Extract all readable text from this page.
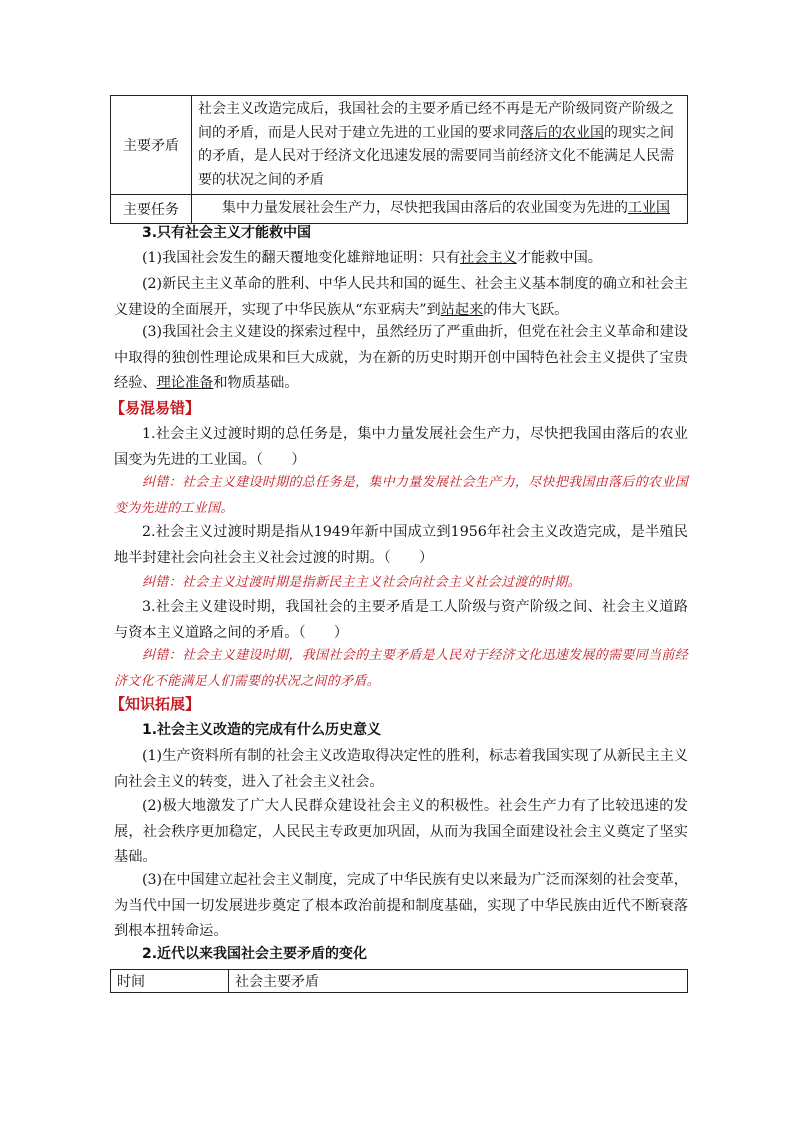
主要矛盾	社会主义改造完成后，我国社会的主要矛盾已经不再是无产阶级同资产阶级之间的矛盾，而是人民对于建立先进的工业国的要求同落后的农业国的现实之间的矛盾，是人民对于经济文化迅速发展的需要同当前经济文化不能满足人民需要的状况之间的矛盾
主要任务	集中力量发展社会生产力，尽快把我国由落后的农业国变为先进的工业国
3.只有社会主义才能救中国
(1)我国社会发生的翻天覆地变化雄辩地证明：只有社会主义才能救中国。
(2)新民主主义革命的胜利、中华人民共和国的诞生、社会主义基本制度的确立和社会主义建设的全面展开，实现了中华民族从“东亚病夫”到站起来的伟大飞跃。
(3)我国社会主义建设的探索过程中，虽然经历了严重曲折，但党在社会主义革命和建设中取得的独创性理论成果和巨大成就，为在新的历史时期开创中国特色社会主义提供了宝贵经验、理论准备和物质基础。
【易混易错】
1.社会主义过渡时期的总任务是，集中力量发展社会生产力，尽快把我国由落后的农业国变为先进的工业国。（　　）
纠错：社会主义建设时期的总任务是，集中力量发展社会生产力，尽快把我国由落后的农业国变为先进的工业国。
2.社会主义过渡时期是指从1949年新中国成立到1956年社会主义改造完成，是半殖民地半封建社会向社会主义社会过渡的时期。（　　）
纠错：社会主义过渡时期是指新民主主义社会向社会主义社会过渡的时期。
3.社会主义建设时期，我国社会的主要矛盾是工人阶级与资产阶级之间、社会主义道路与资本主义道路之间的矛盾。（　　）
纠错：社会主义建设时期，我国社会的主要矛盾是人民对于经济文化迅速发展的需要同当前经济文化不能满足人们需要的状况之间的矛盾。
【知识拓展】
1.社会主义改造的完成有什么历史意义
(1)生产资料所有制的社会主义改造取得决定性的胜利，标志着我国实现了从新民主主义向社会主义的转变，进入了社会主义社会。
(2)极大地激发了广大人民群众建设社会主义的积极性。社会生产力有了比较迅速的发展，社会秩序更加稳定，人民民主专政更加巩固，从而为我国全面建设社会主义奠定了坚实基础。
(3)在中国建立起社会主义制度，完成了中华民族有史以来最为广泛而深刻的社会变革，为当代中国一切发展进步奠定了根本政治前提和制度基础，实现了中华民族由近代不断衰落到根本扭转命运。
2.近代以来我国社会主要矛盾的变化
时间	社会主要矛盾
